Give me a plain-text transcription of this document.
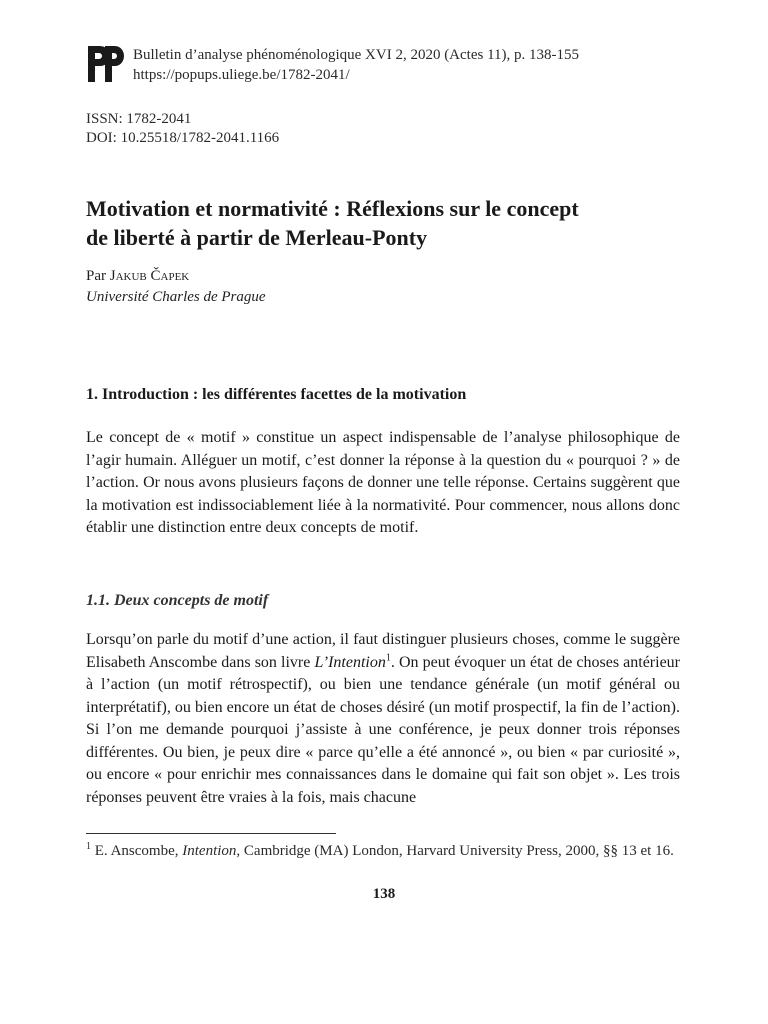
Bulletin d’analyse phénoménologique XVI 2, 2020 (Actes 11), p. 138-155
https://popups.uliege.be/1782-2041/
ISSN: 1782-2041
DOI: 10.25518/1782-2041.1166
Motivation et normativité : Réflexions sur le concept
de liberté à partir de Merleau-Ponty
Par Jakub Čapek
Université Charles de Prague
1. Introduction : les différentes facettes de la motivation

Le concept de « motif » constitue un aspect indispensable de l’analyse philosophique de l’agir humain. Alléguer un motif, c’est donner la réponse à la question du « pourquoi ? » de l’action. Or nous avons plusieurs façons de donner une telle réponse. Certains suggèrent que la motivation est indissociablement liée à la normativité. Pour commencer, nous allons donc établir une distinction entre deux concepts de motif.

1.1. Deux concepts de motif

Lorsqu’on parle du motif d’une action, il faut distinguer plusieurs choses, comme le suggère Elisabeth Anscombe dans son livre L’Intention$^1$. On peut évoquer un état de choses antérieur à l’action (un motif rétrospectif), ou bien une tendance générale (un motif général ou interprétatif), ou bien encore un état de choses désiré (un motif prospectif, la fin de l’action). Si l’on me demande pourquoi j’assiste à une conférence, je peux donner trois réponses différentes. Ou bien, je peux dire « parce qu’elle a été annoncé », ou bien « par curiosité », ou encore « pour enrichir mes connaissances dans le domaine qui fait son objet ». Les trois réponses peuvent être vraies à la fois, mais chacune

$^1$ E. Anscombe, Intention, Cambridge (MA) London, Harvard University Press, 2000, §§ 13 et 16.

138
